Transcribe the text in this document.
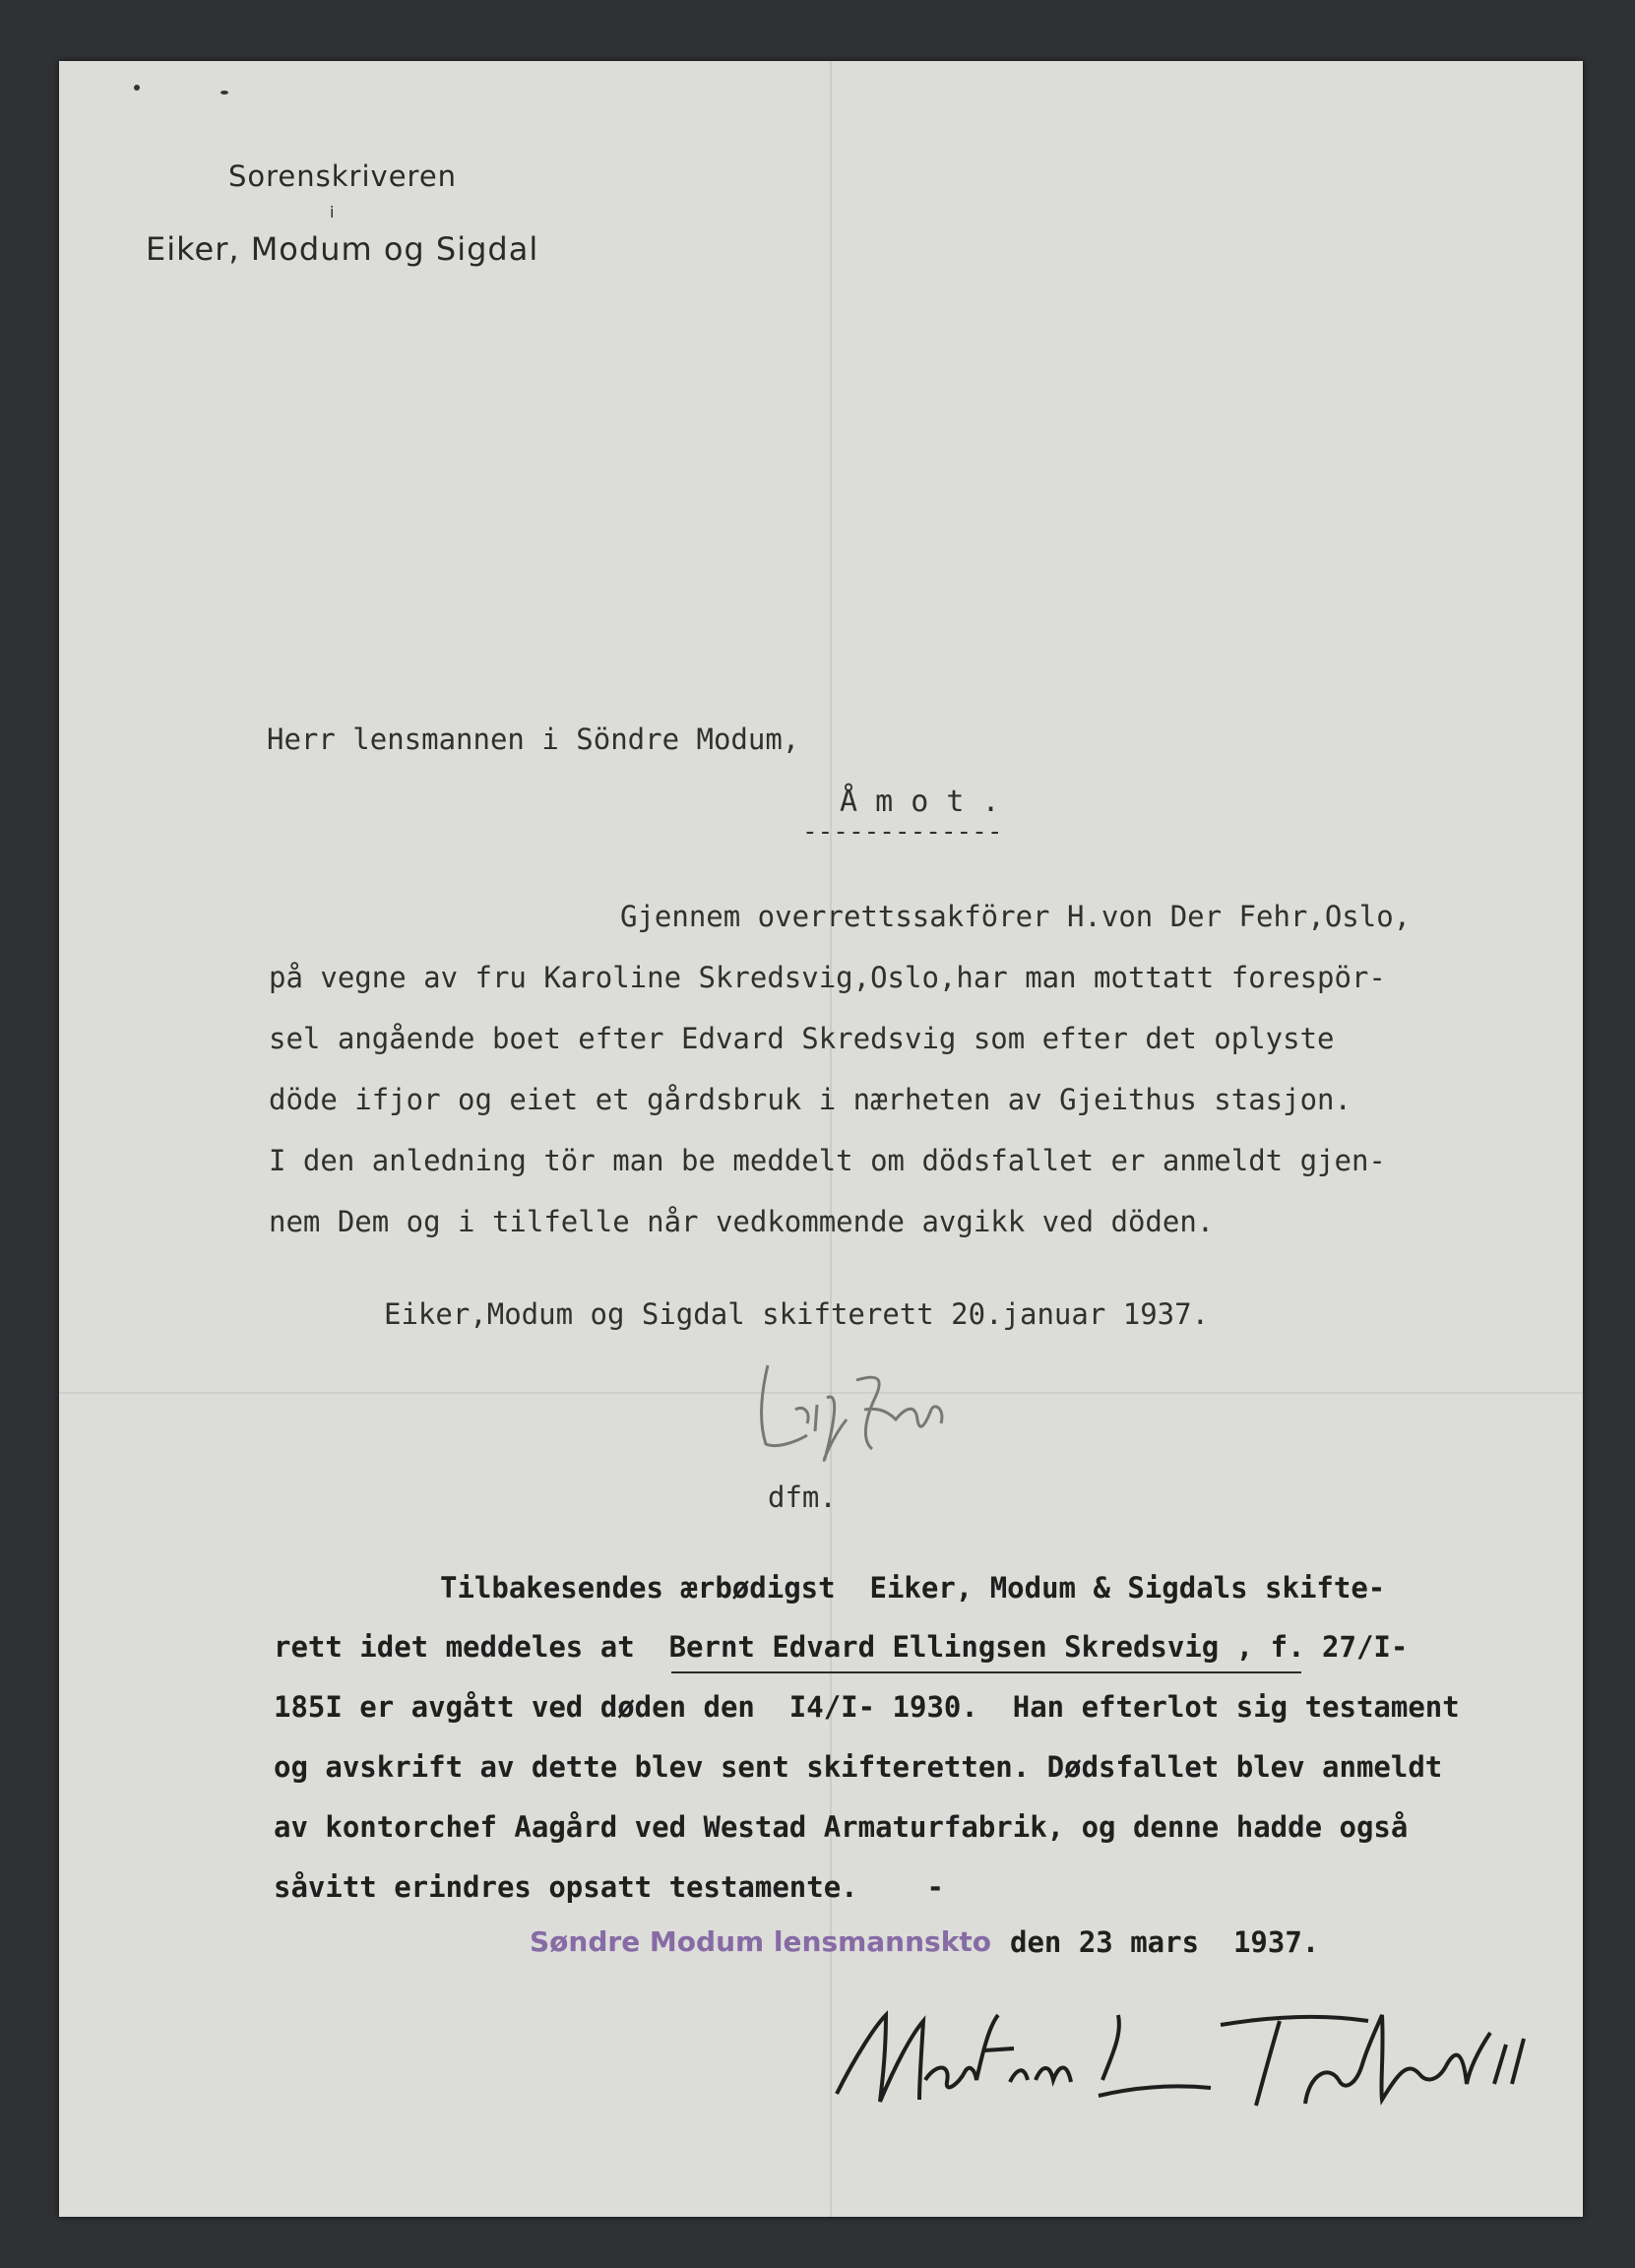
Sorenskriveren
i
Eiker, Modum og Sigdal
Herr lensmannen i Söndre Modum,
Å m o t .
-------------
Gjennem overrettssakförer H.von Der Fehr,Oslo,
på vegne av fru Karoline Skredsvig,Oslo,har man mottatt forespör-
sel angående boet efter Edvard Skredsvig som efter det oplyste
döde ifjor og eiet et gårdsbruk i nærheten av Gjeithus stasjon.
I den anledning tör man be meddelt om dödsfallet er anmeldt gjen-
nem Dem og i tilfelle når vedkommende avgikk ved döden.
Eiker,Modum og Sigdal skifterett 20.januar 1937.
dfm.
Tilbakesendes ærbødigst  Eiker, Modum & Sigdals skifte-
rett idet meddeles at  Bernt Edvard Ellingsen Skredsvig , f. 27/I-
185I er avgått ved døden den  I4/I- 1930.  Han efterlot sig testament
og avskrift av dette blev sent skifteretten. Dødsfallet blev anmeldt
av kontorchef Aagård ved Westad Armaturfabrik, og denne hadde også
såvitt erindres opsatt testamente.    -
Søndre Modum lensmannskto den 23 mars  1937.
